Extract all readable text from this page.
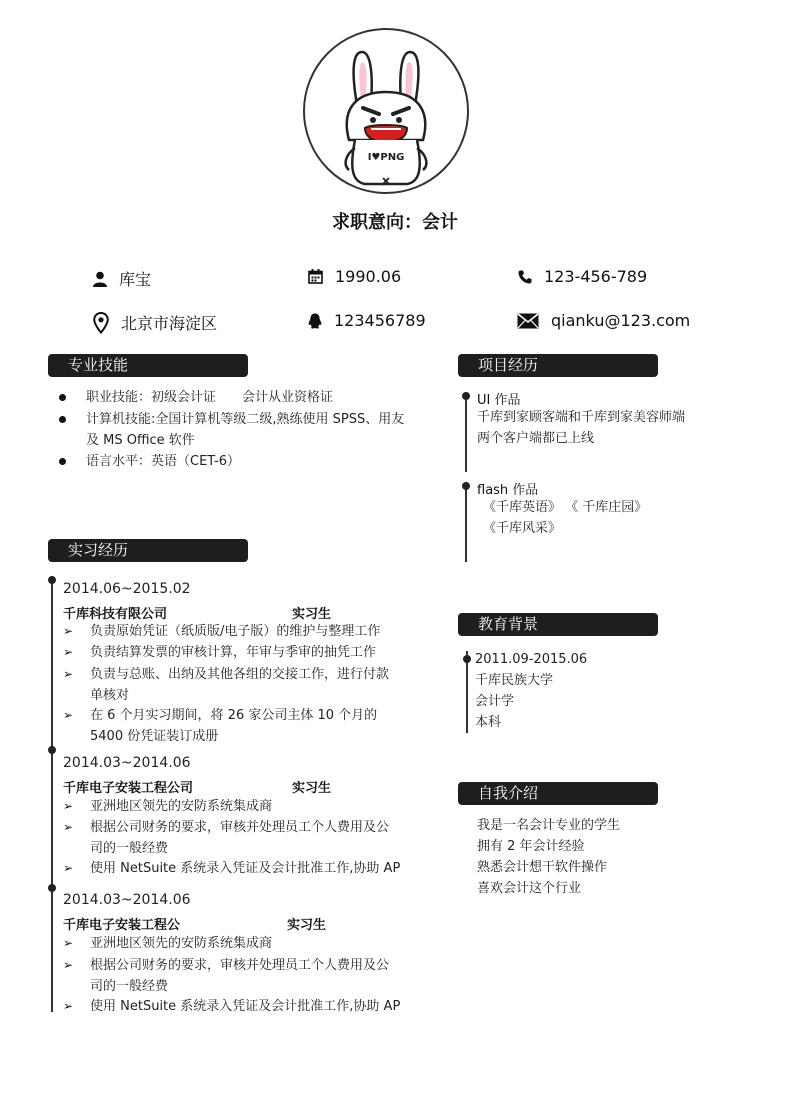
I♥PNG
求职意向：会计
库宝	1990.06	123-456-789
北京市海淀区	123456789	qianku@123.com
专业技能
职业技能：初级会计证　　会计从业资格证
计算机技能:全国计算机等级二级,熟练使用 SPSS、用友
及 MS Office 软件
语言水平：英语（CET-6）
实习经历
2014.06~2015.02
千库科技有限公司	实习生
➢ 负责原始凭证（纸质版/电子版）的维护与整理工作
➢ 负责结算发票的审核计算，年审与季审的抽凭工作
➢ 负责与总账、出纳及其他各组的交接工作，进行付款
单核对
➢ 在 6 个月实习期间，将 26 家公司主体 10 个月的
5400 份凭证装订成册
2014.03~2014.06
千库电子安装工程公司	实习生
➢ 亚洲地区领先的安防系统集成商
➢ 根据公司财务的要求，审核并处理员工个人费用及公
司的一般经费
➢ 使用 NetSuite 系统录入凭证及会计批准工作,协助 AP
2014.03~2014.06
千库电子安装工程公	实习生
➢ 亚洲地区领先的安防系统集成商
➢ 根据公司财务的要求，审核并处理员工个人费用及公
司的一般经费
➢ 使用 NetSuite 系统录入凭证及会计批准工作,协助 AP
项目经历
UI 作品
千库到家顾客端和千库到家美容师端
两个客户端都已上线
flash 作品
《千库英语》 《 千库庄园》
《千库风采》
教育背景
2011.09-2015.06
千库民族大学
会计学
本科
自我介绍
我是一名会计专业的学生
拥有 2 年会计经验
熟悉会计想干软件操作
喜欢会计这个行业
